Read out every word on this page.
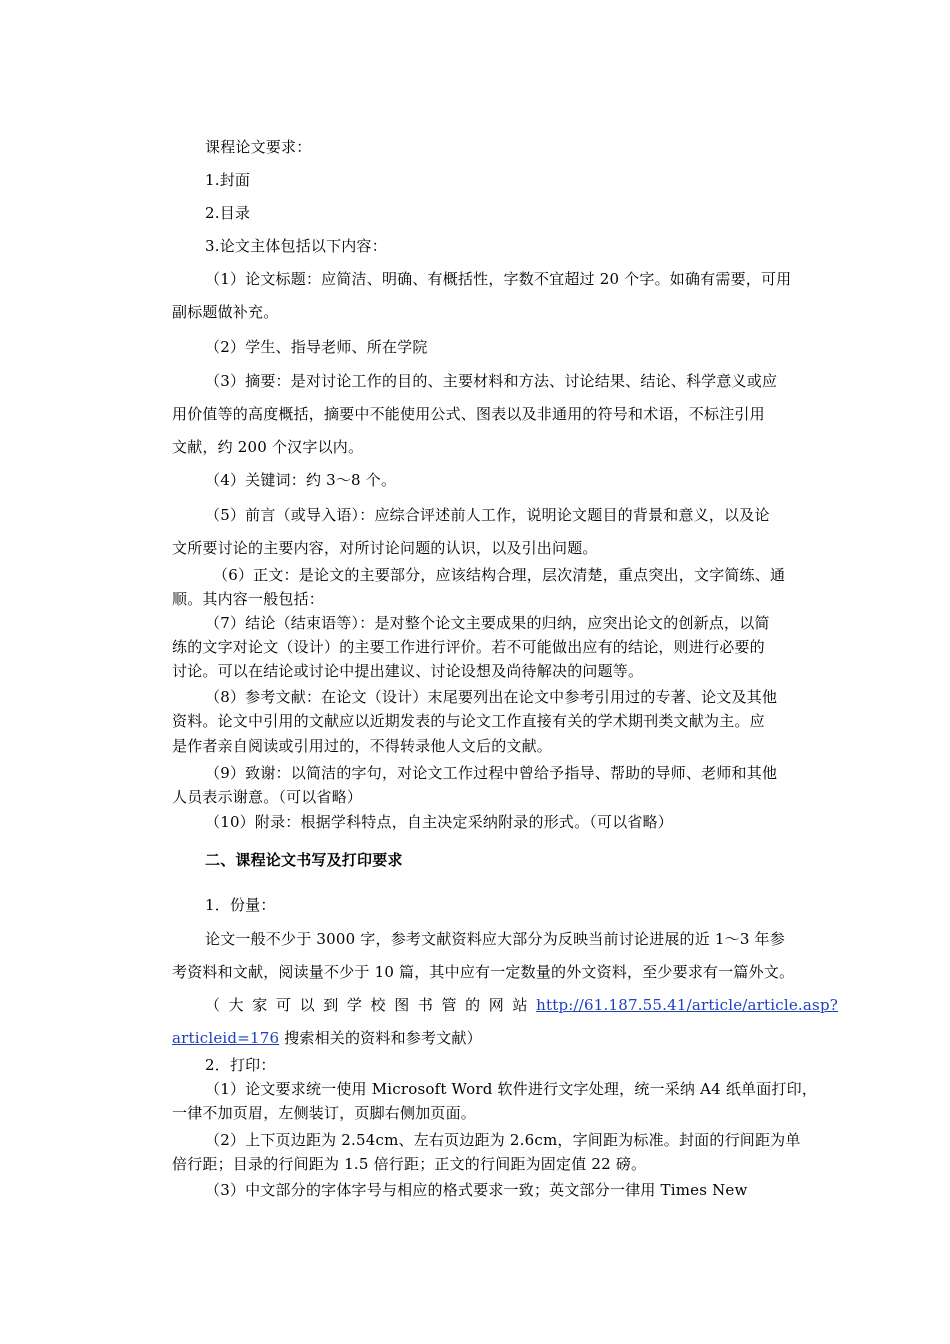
课程论文要求：
1.封面
2.目录
3.论文主体包括以下内容：
（1）论文标题：应简洁、明确、有概括性，字数不宜超过 20 个字。如确有需要，可用
副标题做补充。
（2）学生、指导老师、所在学院
（3）摘要：是对讨论工作的目的、主要材料和方法、讨论结果、结论、科学意义或应
用价值等的高度概括，摘要中不能使用公式、图表以及非通用的符号和术语，不标注引用
文献，约 200 个汉字以内。
（4）关键词：约 3～8 个。
（5）前言（或导入语）：应综合评述前人工作，说明论文题目的背景和意义，以及论
文所要讨论的主要内容，对所讨论问题的认识，以及引出问题。
（6）正文：是论文的主要部分，应该结构合理，层次清楚，重点突出，文字简练、通
顺。其内容一般包括：
（7）结论（结束语等）：是对整个论文主要成果的归纳，应突出论文的创新点，以简
练的文字对论文（设计）的主要工作进行评价。若不可能做出应有的结论，则进行必要的
讨论。可以在结论或讨论中提出建议、讨论设想及尚待解决的问题等。
（8）参考文献：在论文（设计）末尾要列出在论文中参考引用过的专著、论文及其他
资料。论文中引用的文献应以近期发表的与论文工作直接有关的学术期刊类文献为主。应
是作者亲自阅读或引用过的，不得转录他人文后的文献。
（9）致谢：以简洁的字句，对论文工作过程中曾给予指导、帮助的导师、老师和其他
人员表示谢意。（可以省略）
（10）附录：根据学科特点，自主决定采纳附录的形式。（可以省略）
二、课程论文书写及打印要求
1．份量：
论文一般不少于 3000 字，参考文献资料应大部分为反映当前讨论进展的近 1～3 年参
考资料和文献，阅读量不少于 10 篇，其中应有一定数量的外文资料，至少要求有一篇外文。
（大家可以到学校图书管的网站http://61.187.55.41/article/article.asp?
articleid=176 搜索相关的资料和参考文献）
2．打印：
（1）论文要求统一使用 Microsoft Word 软件进行文字处理，统一采纳 A4 纸单面打印，
一律不加页眉，左侧装订，页脚右侧加页面。
（2）上下页边距为 2.54cm、左右页边距为 2.6cm，字间距为标准。封面的行间距为单
倍行距；目录的行间距为 1.5 倍行距；正文的行间距为固定值 22 磅。
（3）中文部分的字体字号与相应的格式要求一致；英文部分一律用 Times New
